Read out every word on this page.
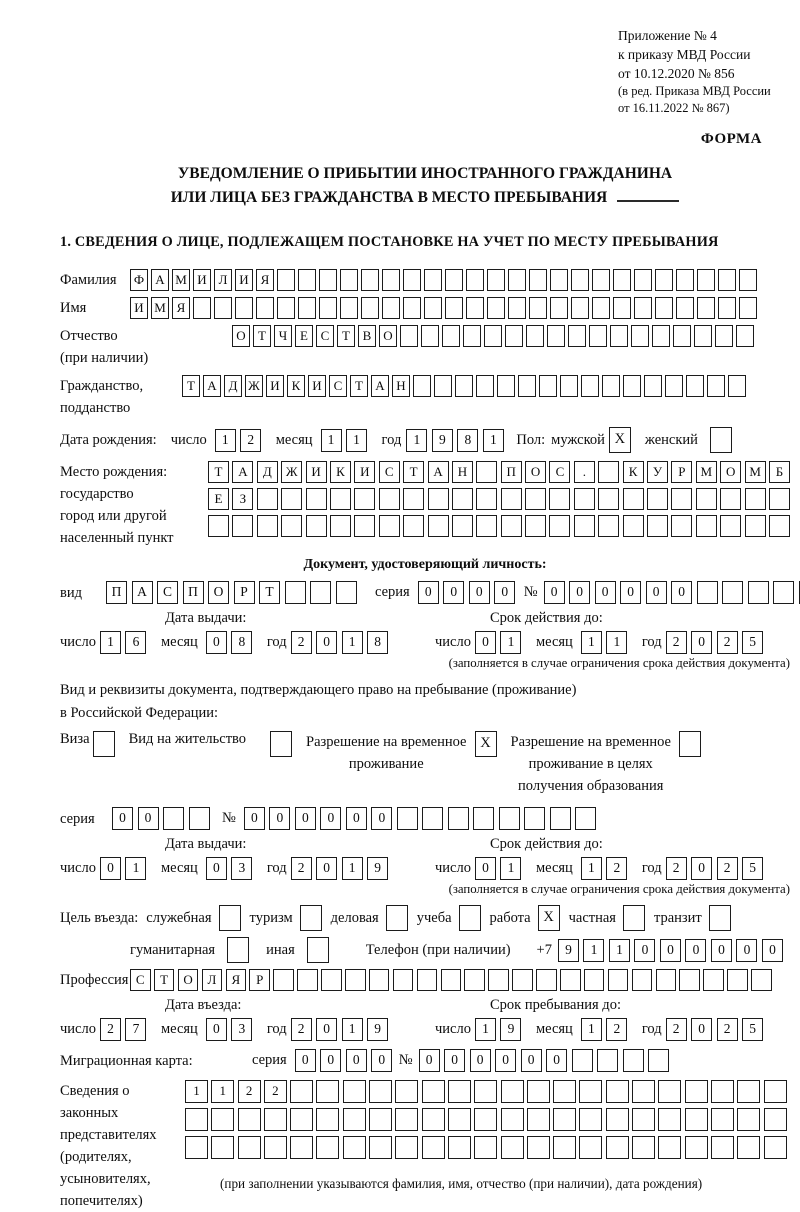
Приложение № 4
к приказу МВД России
от 10.12.2020 № 856
(в ред. Приказа МВД России
от 16.11.2022 № 867)
ФОРМА
УВЕДОМЛЕНИЕ О ПРИБЫТИИ ИНОСТРАННОГО ГРАЖДАНИНА
ИЛИ ЛИЦА БЕЗ ГРАЖДАНСТВА В МЕСТО ПРЕБЫВАНИЯ
1. СВЕДЕНИЯ О ЛИЦЕ, ПОДЛЕЖАЩЕМ ПОСТАНОВКЕ НА УЧЕТ ПО МЕСТУ ПРЕБЫВАНИЯ
Фамилия	Ф А М И Л И Я
Имя	И М Я
Отчество
(при наличии)
О Т Ч Е С Т В О
Гражданство,
подданство
Т А Д Ж И К И С Т А Н
Дата рождения: число	1	2	месяц	1	1	год 1	9	8	1	Пол: мужской X	женский
Место рождения:
государство
город или другой
населенный пункт
Т	А	Д	Ж	И	К	И	С	Т	А	Н	П	О	С	.	К	У	Р	М	О	М	Б

Е	З

Документ, удостоверяющий личность:
вид	П	А	С	П	О	Р	Т	серия	0	0	0	0	№ 0	0	0	0	0	0
Дата выдачи:	Срок действия до:
число 1	6	месяц	0	8	год 2	0	1	8	число 0	1	месяц	1	1	год 2	0	2	5
(заполняется в случае ограничения срока действия документа)
Вид и реквизиты документа, подтверждающего право на пребывание (проживание)
в Российской Федерации:
Виза	Вид на жительство	Разрешение на временное
проживание
X	Разрешение на временное
проживание в целях
получения образования
серия	0	0	№	0	0	0	0	0	0
Дата выдачи:	Срок действия до:
число 0	1	месяц	0	3	год 2	0	1	9	число 0	1	месяц	1	2	год 2	0	2	5
(заполняется в случае ограничения срока действия документа)
Цель въезда: служебная	туризм	деловая	учеба	работа X	частная	транзит
гуманитарная	иная	Телефон (при наличии) +7 9	1	1	0	0	0	0	0	0
Профессия С	Т	О	Л	Я	Р
Дата въезда:	Срок пребывания до:
число 2	7	месяц	0	3	год 2	0	1	9	число 1	9	месяц	1	2	год 2	0	2	5
Миграционная карта:	серия	0	0	0	0 № 0	0	0	0	0	0
Сведения о
законных
представителях
(родителях,
усыновителях,
попечителях)
1	1	2	2

(при заполнении указываются фамилия, имя, отчество (при наличии), дата рождения)
